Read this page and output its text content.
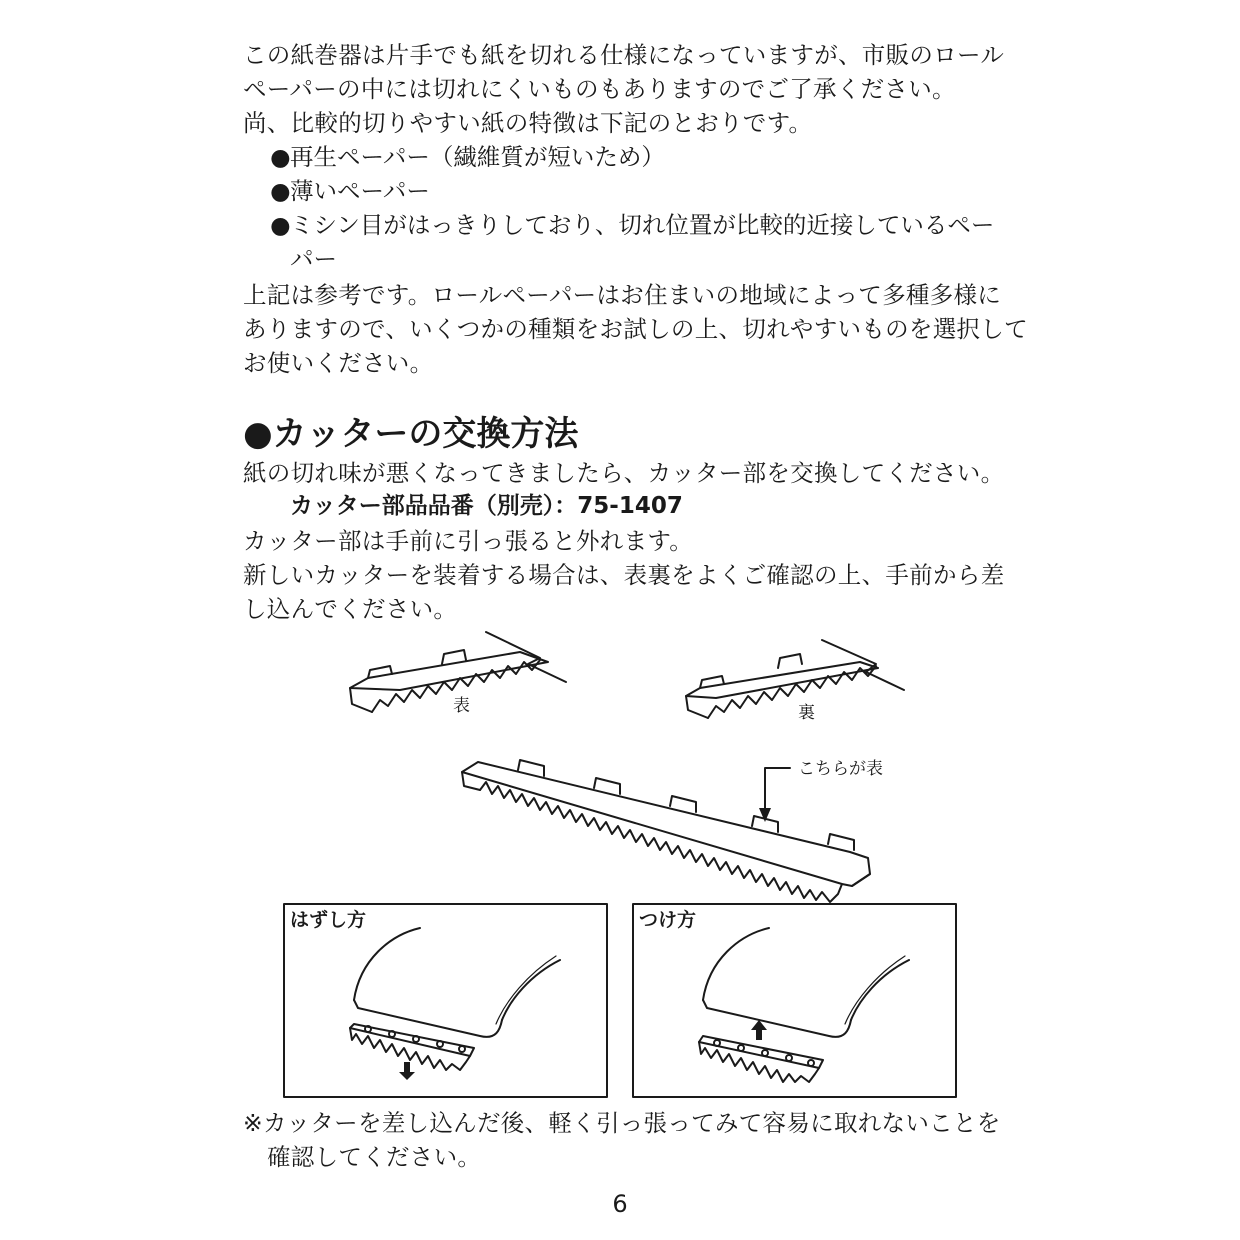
この紙巻器は片手でも紙を切れる仕様になっていますが、市販のロール
ペーパーの中には切れにくいものもありますのでご了承ください。
尚、比較的切りやすい紙の特徴は下記のとおりです。
● 再生ペーパー（繊維質が短いため）
● 薄いペーパー
● ミシン目がはっきりしており、切れ位置が比較的近接しているペー
パー
上記は参考です。ロールペーパーはお住まいの地域によって多種多様に
ありますので、いくつかの種類をお試しの上、切れやすいものを選択して
お使いください。
●カッターの交換方法
紙の切れ味が悪くなってきましたら、カッター部を交換してください。
カッター部品品番（別売）：75-1407
カッター部は手前に引っ張ると外れます。
新しいカッターを装着する場合は、表裏をよくご確認の上、手前から差
し込んでください。
表	裏
こちらが表
はずし方	つけ方
※カッターを差し込んだ後、軽く引っ張ってみて容易に取れないことを
確認してください。
6
